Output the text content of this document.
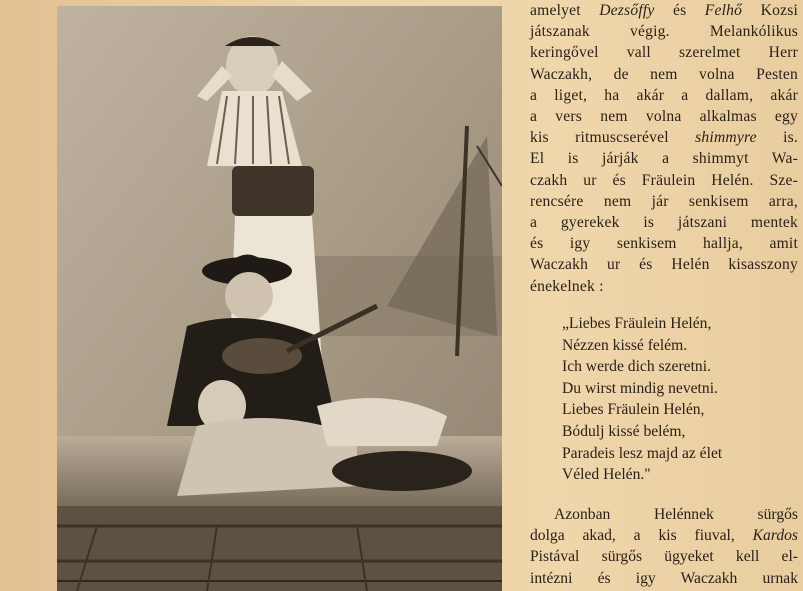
amelyet Dezsőffy és Felhő Kozsi
játszanak végig. Melankólikus
keringővel vall szerelmet Herr
Waczakh, de nem volna Pesten
a liget, ha akár a dallam, akár
a vers nem volna alkalmas egy
kis ritmuscserével shimmyre is.
El is járják a shimmyt Wa-
czakh ur és Fräulein Helén. Sze-
rencsére nem jár senkisem arra,
a gyerekek is játszani mentek
és igy senkisem hallja, amit
Waczakh ur és Helén kisasszony
énekelnek :
„Liebes Fräulein Helén,
Nézzen kissé felém.
Ich werde dich szeretni.
Du wirst mindig nevetni.
Liebes Fräulein Helén,
Bódulj kissé belém,
Paradeis lesz majd az élet
Véled Helén."
Azonban Helénnek sürgős
dolga akad, a kis fiuval, Kardos
Pistával sürgős ügyeket kell el-
intézni és igy Waczakh urnak
